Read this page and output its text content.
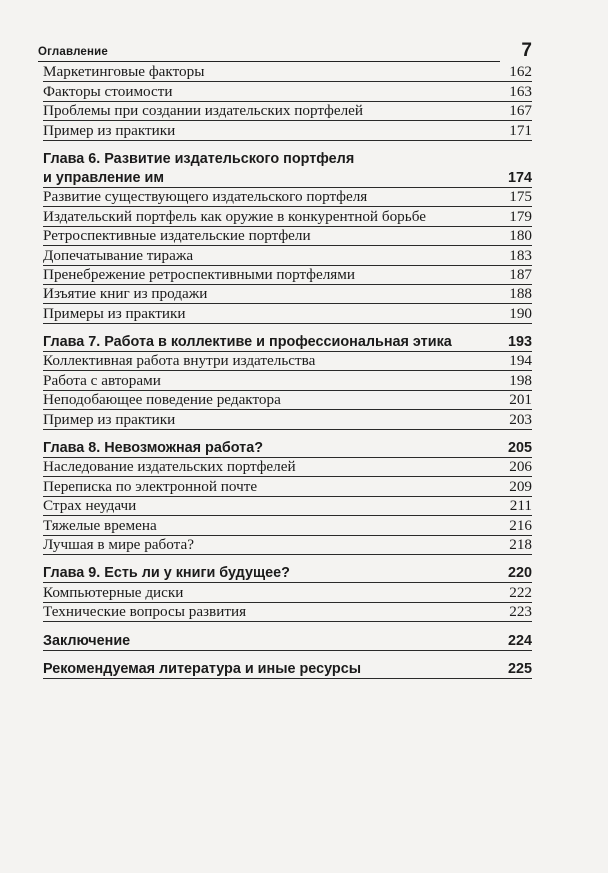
Оглавление	7
Маркетинговые факторы	162
Факторы стоимости	163
Проблемы при создании издательских портфелей	167
Пример из практики	171
Глава 6. Развитие издательского портфеля
и управление им	174
Развитие существующего издательского портфеля	175
Издательский портфель как оружие в конкурентной борьбе	179
Ретроспективные издательские портфели	180
Допечатывание тиража	183
Пренебрежение ретроспективными портфелями	187
Изъятие книг из продажи	188
Примеры из практики	190
Глава 7. Работа в коллективе и профессиональная этика	193
Коллективная работа внутри издательства	194
Работа с авторами	198
Неподобающее поведение редактора	201
Пример из практики	203
Глава 8. Невозможная работа?	205
Наследование издательских портфелей	206
Переписка по электронной почте	209
Страх неудачи	211
Тяжелые времена	216
Лучшая в мире работа?	218
Глава 9. Есть ли у книги будущее?	220
Компьютерные диски	222
Технические вопросы развития	223
Заключение	224
Рекомендуемая литература и иные ресурсы	225
